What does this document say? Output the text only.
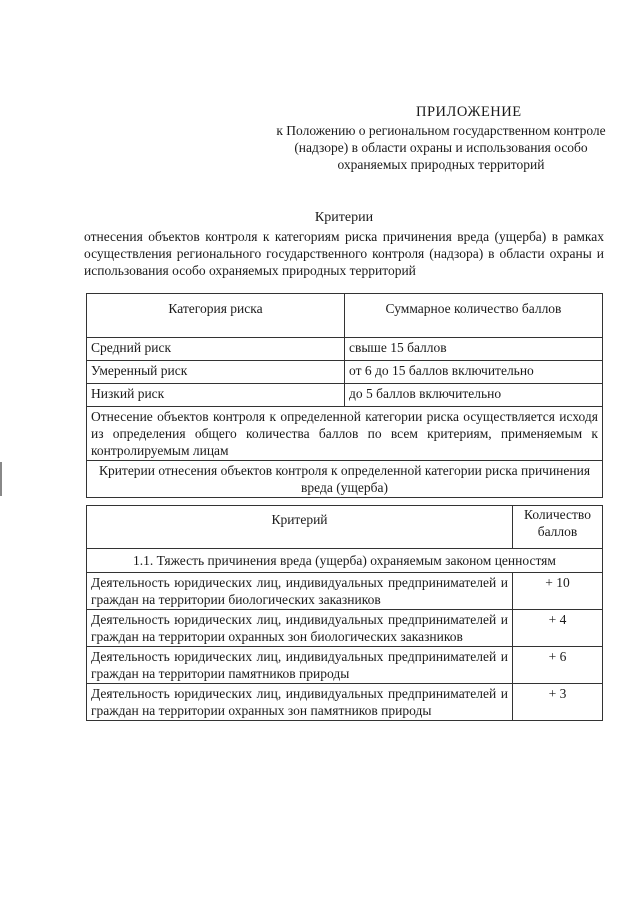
ПРИЛОЖЕНИЕ
к Положению о региональном государственном контроле (надзоре) в области охраны и использования особо охраняемых природных территорий
Критерии
отнесения объектов контроля к категориям риска причинения вреда (ущерба) в рамках осуществления регионального государственного контроля (надзора) в области охраны и использования особо охраняемых природных территорий
Категория риска	Суммарное количество баллов
Средний риск	свыше 15 баллов
Умеренный риск	от 6 до 15 баллов включительно
Низкий риск	до 5 баллов включительно
Отнесение объектов контроля к определенной категории риска осуществляется исходя из определения общего количества баллов по всем критериям, применяемым к контролируемым лицам	
Критерии отнесения объектов контроля к определенной категории риска причинения вреда (ущерба)	
Критерий	Количество баллов
1.1. Тяжесть причинения вреда (ущерба) охраняемым законом ценностям	
Деятельность юридических лиц, индивидуальных предпринимателей и граждан на территории биологических заказников	+ 10
Деятельность юридических лиц, индивидуальных предпринимателей и граждан на территории охранных зон биологических заказников	+ 4
Деятельность юридических лиц, индивидуальных предпринимателей и граждан на территории памятников природы	+ 6
Деятельность юридических лиц, индивидуальных предпринимателей и граждан на территории охранных зон памятников природы	+ 3
